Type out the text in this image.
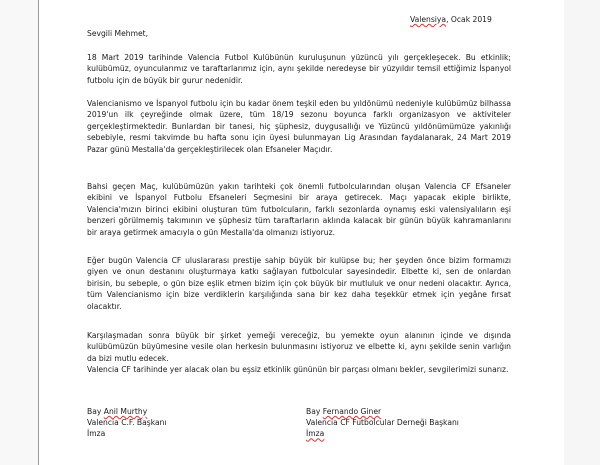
Valensiya, Ocak 2019
Sevgili Mehmet,

18 Mart 2019 tarihinde Valencia Futbol Kulübünün kuruluşunun yüzüncü yılı gerçekleşecek. Bu etkinlik; kulübümüz, oyuncularımız ve taraftarlarımız için, aynı şekilde neredeyse bir yüzyıldır temsil ettiğimiz İspanyol futbolu için de büyük bir gurur nedenidir.

Valencianismo ve İspanyol futbolu için bu kadar önem teşkil eden bu yıldönümü nedeniyle kulübümüz bilhassa 2019'un ilk çeyreğinde olmak üzere, tüm 18/19 sezonu boyunca farklı organizasyon ve aktiviteler gerçekleştirmektedir. Bunlardan bir tanesi, hiç şüphesiz, duygusallığı ve Yüzüncü yıldönümümüze yakınlığı sebebiyle, resmi takvimde bu hafta sonu için üyesi bulunmayan Lig Arasından faydalanarak, 24 Mart 2019 Pazar günü Mestalla'da gerçekleştirilecek olan Efsaneler Maçıdır.

Bahsi geçen Maç, kulübümüzün yakın tarihteki çok önemli futbolcularından oluşan Valencia CF Efsaneler ekibini ve İspanyol Futbolu Efsaneleri Seçmesini bir araya getirecek. Maçı yapacak ekiple birlikte, Valencia'mızın birinci ekibini oluşturan tüm futbolcuların, farklı sezonlarda oynamış eski valensiyalıların eşi benzeri görülmemiş takımının ve şüphesiz tüm taraftarların aklında kalacak bir günün büyük kahramanlarını bir araya getirmek amacıyla o gün Mestalla'da olmanızı istiyoruz.

Eğer bugün Valencia CF uluslararası prestije sahip büyük bir kulüpse bu; her şeyden önce bizim formamızı giyen ve onun destanını oluşturmaya katkı sağlayan futbolcular sayesindedir. Elbette ki, sen de onlardan birisin, bu sebeple, o gün bize eşlik etmen bizim için çok büyük bir mutluluk ve onur nedeni olacaktır. Ayrıca, tüm Valencianismo için bize verdiklerin karşılığında sana bir kez daha teşekkür etmek için yegâne fırsat olacaktır.

Karşılaşmadan sonra büyük bir şirket yemeği vereceğiz, bu yemekte oyun alanının içinde ve dışında kulübümüzün büyümesine vesile olan herkesin bulunmasını istiyoruz ve elbette ki, aynı şekilde senin varlığın da bizi mutlu edecek.

Valencia CF tarihinde yer alacak olan bu eşsiz etkinlik gününün bir parçası olmanı bekler, sevgilerimizi sunarız.

Bay Anil Murthy
Valencia C.F. Başkanı
İmza
Bay Fernando Giner
Valencia CF Futbolcular Derneği Başkanı
İmza
